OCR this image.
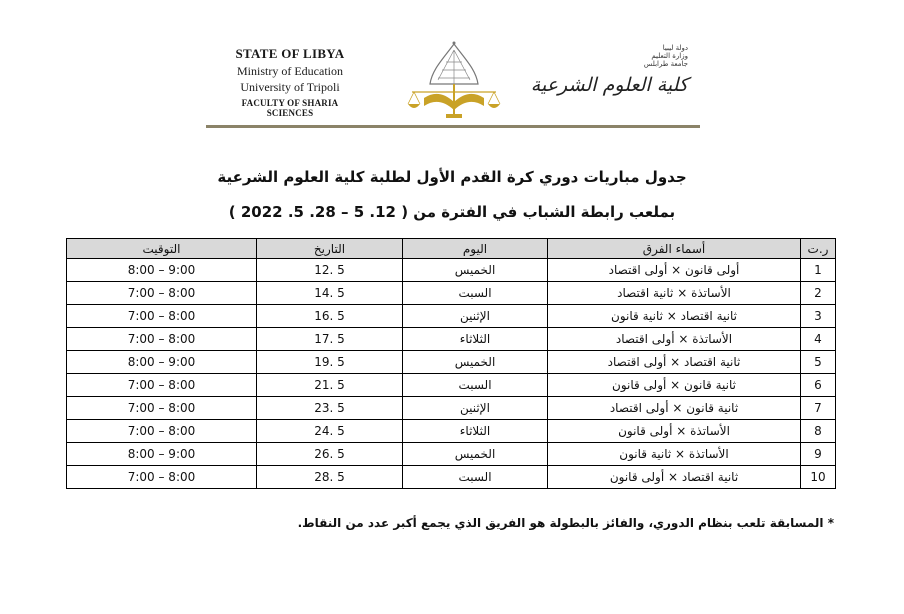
STATE OF LIBYA
Ministry of Education
University of Tripoli
FACULTY OF SHARIA SCIENCES
دولة ليبيا
وزارة التعليم
جامعة طرابلس
كلية العلوم الشرعية
جدول مباريات دوري كرة القدم الأول لطلبة كلية العلوم الشرعية
بملعب رابطة الشباب في الفترة من ( 12. 5 – 28. 5. 2022 )
ر.ت	أسماء الفرق	اليوم	التاريخ	التوقيت
1	أولى قانون × أولى اقتصاد	الخميس	12. 5	8:00 – 9:00
2	الأساتذة × ثانية اقتصاد	السبت	14. 5	7:00 – 8:00
3	ثانية اقتصاد × ثانية قانون	الإثنين	16. 5	7:00 – 8:00
4	الأساتذة × أولى اقتصاد	الثلاثاء	17. 5	7:00 – 8:00
5	ثانية اقتصاد × أولى اقتصاد	الخميس	19. 5	8:00 – 9:00
6	ثانية قانون × أولى قانون	السبت	21. 5	7:00 – 8:00
7	ثانية قانون × أولى اقتصاد	الإثنين	23. 5	7:00 – 8:00
8	الأساتذة × أولى قانون	الثلاثاء	24. 5	7:00 – 8:00
9	الأساتذة × ثانية قانون	الخميس	26. 5	8:00 – 9:00
10	ثانية اقتصاد × أولى قانون	السبت	28. 5	7:00 – 8:00
* المسابقة تلعب بنظام الدوري، والفائز بالبطولة هو الفريق الذي يجمع أكبر عدد من النقاط.
